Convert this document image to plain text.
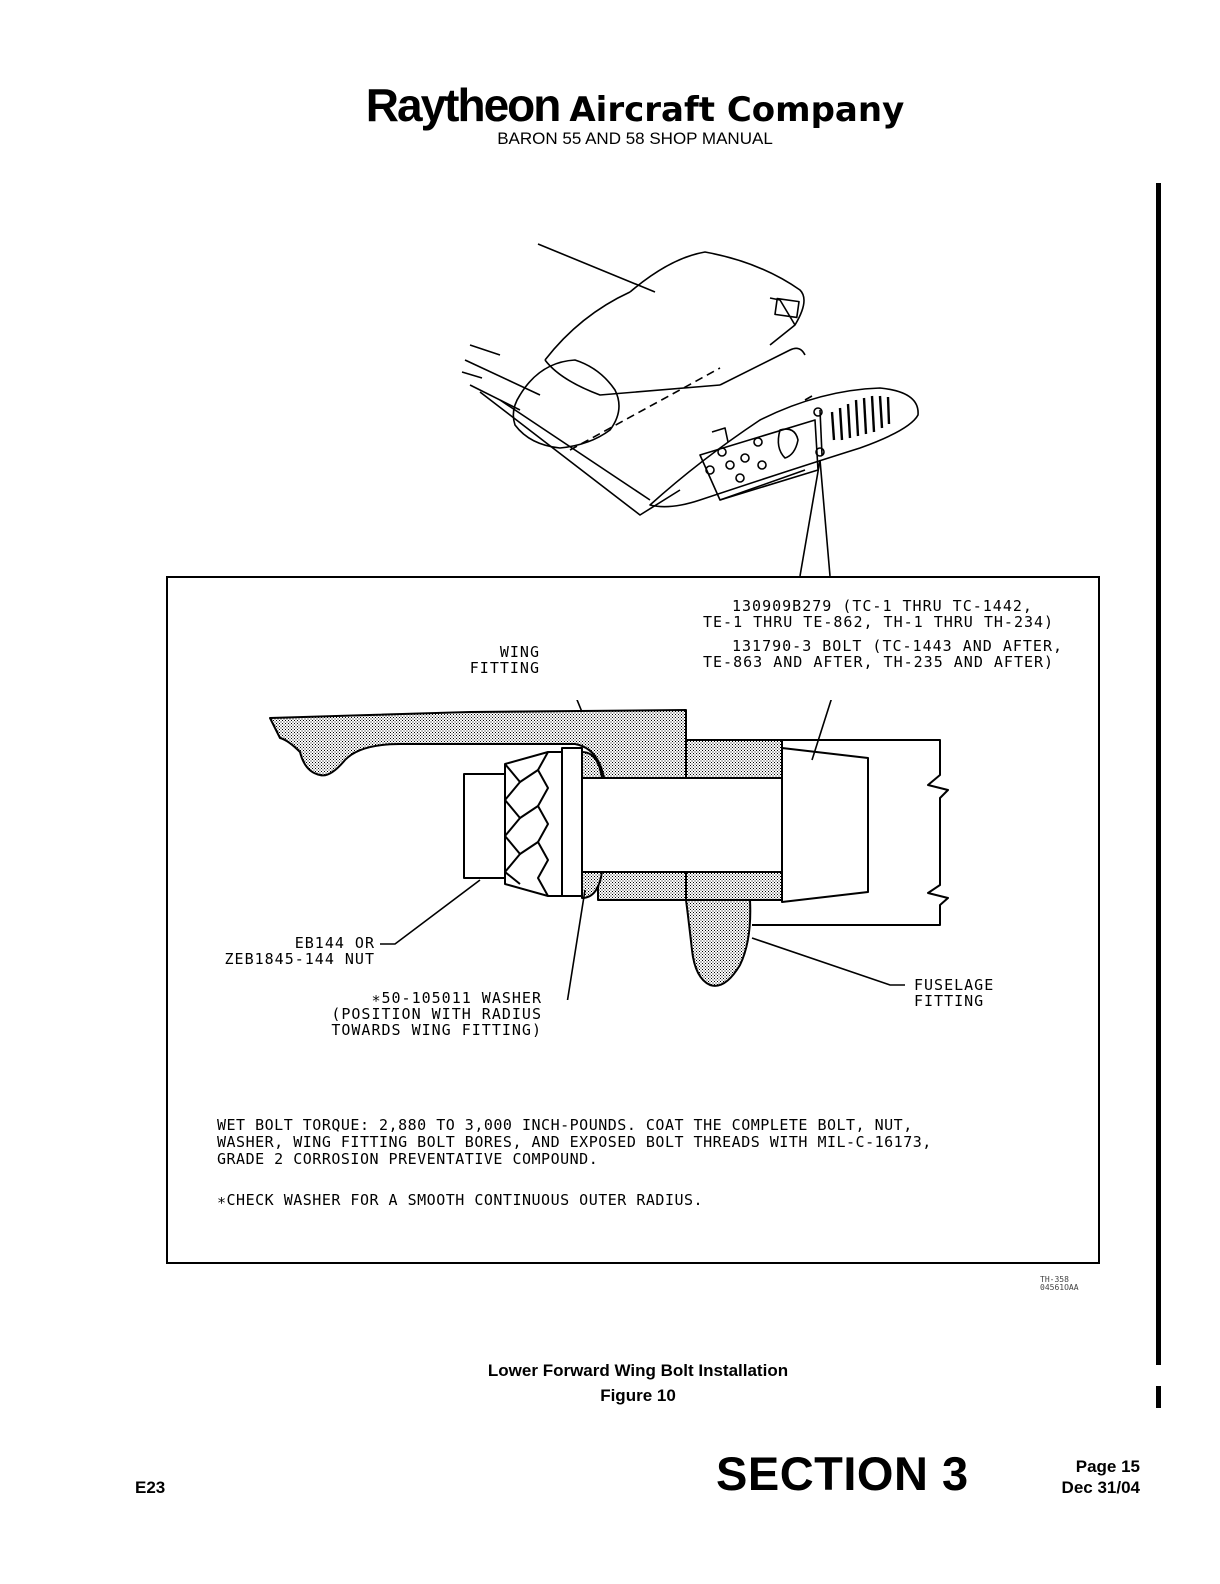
Raytheon Aircraft Company
BARON 55 AND 58 SHOP MANUAL
130909B279 (TC-1 THRU TC-1442,
TE-1 THRU TE-862, TH-1 THRU TH-234)
131790-3 BOLT (TC-1443 AND AFTER,
TE-863 AND AFTER, TH-235 AND AFTER)
WING
FITTING
EB144 OR
ZEB1845-144 NUT
∗50-105011 WASHER
(POSITION WITH RADIUS
TOWARDS WING FITTING)
FUSELAGE
FITTING
WET BOLT TORQUE: 2,880 TO 3,000 INCH-POUNDS. COAT THE COMPLETE BOLT, NUT,
WASHER, WING FITTING BOLT BORES, AND EXPOSED BOLT THREADS WITH MIL-C-16173,
GRADE 2 CORROSION PREVENTATIVE COMPOUND.
∗CHECK WASHER FOR A SMOOTH CONTINUOUS OUTER RADIUS.
TH-358
04561OAA
Lower Forward Wing Bolt Installation
Figure 10
E23	SECTION 3	Page 15
Dec 31/04
